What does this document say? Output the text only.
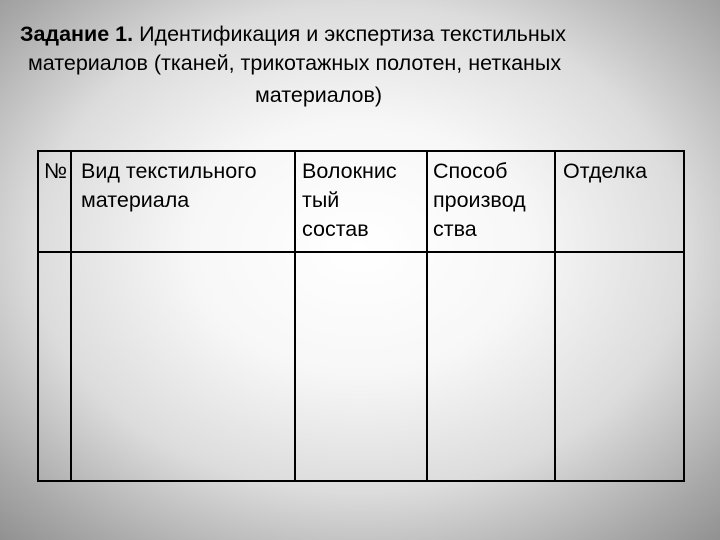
Задание 1. Идентификация и экспертиза текстильных
материалов (тканей, трикотажных полотен, нетканых
материалов)
№ Вид текстильного
материала
Волокнис
тый
состав
Способ
производ
ства
Отделка
